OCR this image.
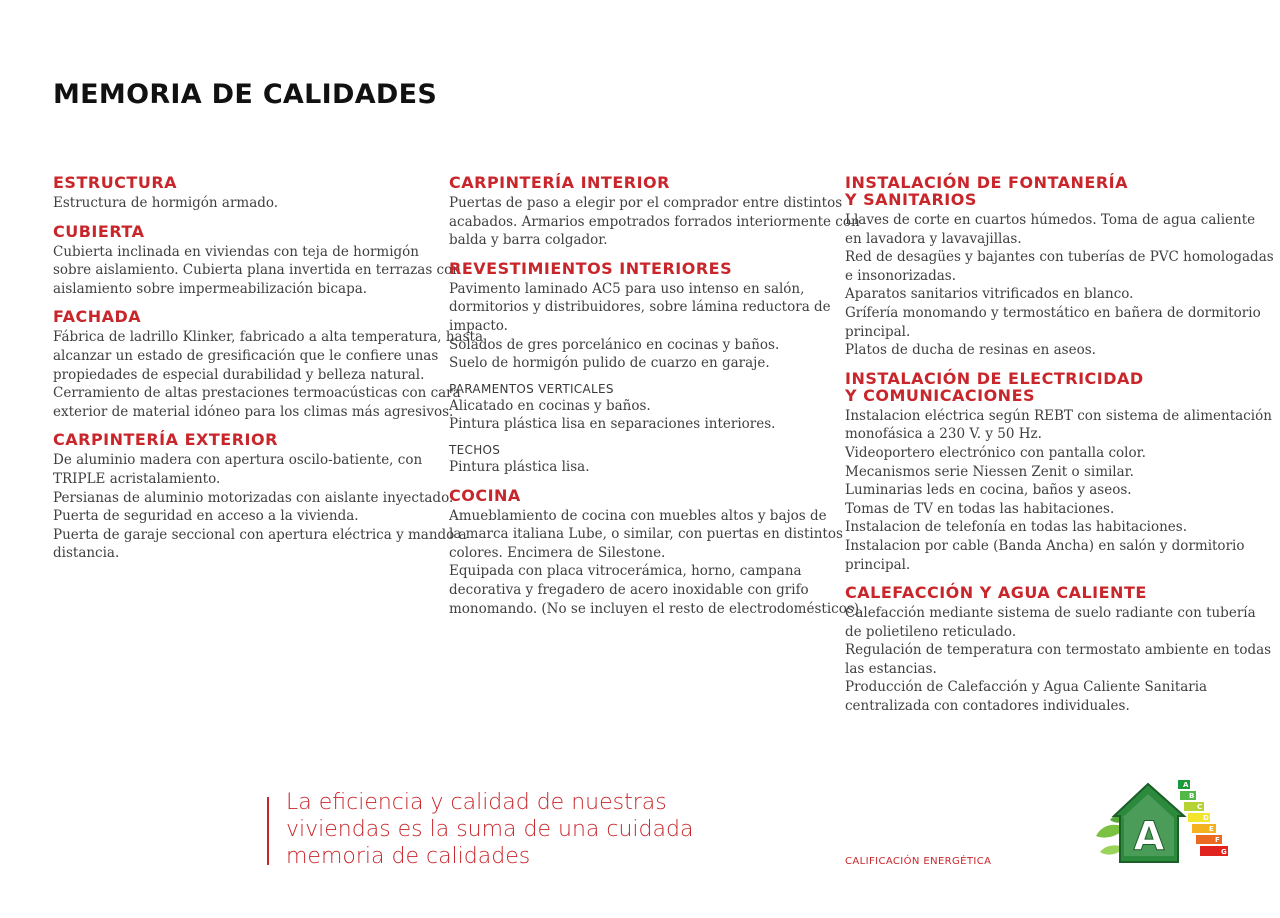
MEMORIA DE CALIDADES
ESTRUCTURA

Estructura de hormigón armado.

CUBIERTA

Cubierta inclinada en viviendas con teja de hormigón

sobre aislamiento. Cubierta plana invertida en terrazas con

aislamiento sobre impermeabilización bicapa.

FACHADA

Fábrica de ladrillo Klinker, fabricado a alta temperatura, hasta

alcanzar un estado de gresificación que le confiere unas

propiedades de especial durabilidad y belleza natural.

Cerramiento de altas prestaciones termoacústicas con cara

exterior de material idóneo para los climas más agresivos.

CARPINTERÍA EXTERIOR

De aluminio madera con apertura oscilo-batiente, con

TRIPLE acristalamiento.

Persianas de aluminio motorizadas con aislante inyectado.

Puerta de seguridad en acceso a la vivienda.

Puerta de garaje seccional con apertura eléctrica y mando a

distancia.

CARPINTERÍA INTERIOR

Puertas de paso a elegir por el comprador entre distintos

acabados. Armarios empotrados forrados interiormente con

balda y barra colgador.

REVESTIMIENTOS INTERIORES

Pavimento laminado AC5 para uso intenso en salón,

dormitorios y distribuidores, sobre lámina reductora de

impacto.

Solados de gres porcelánico en cocinas y baños.

Suelo de hormigón pulido de cuarzo en garaje.

PARAMENTOS VERTICALES

Alicatado en cocinas y baños.

Pintura plástica lisa en separaciones interiores.

TECHOS

Pintura plástica lisa.

COCINA

Amueblamiento de cocina con muebles altos y bajos de

la marca italiana Lube, o similar, con puertas en distintos

colores. Encimera de Silestone.

Equipada con placa vitrocerámica, horno, campana

decorativa y fregadero de acero inoxidable con grifo

monomando. (No se incluyen el resto de electrodomésticos).

INSTALACIÓN DE FONTANERÍA
Y SANITARIOS

Llaves de corte en cuartos húmedos. Toma de agua caliente

en lavadora y lavavajillas.

Red de desagües y bajantes con tuberías de PVC homologadas

e insonorizadas.

Aparatos sanitarios vitrificados en blanco.

Grífería monomando y termostático en bañera de dormitorio

principal.

Platos de ducha de resinas en aseos.

INSTALACIÓN DE ELECTRICIDAD
Y COMUNICACIONES

Instalacion eléctrica según REBT con sistema de alimentación

monofásica a 230 V. y 50 Hz.

Videoportero electrónico con pantalla color.

Mecanismos serie Niessen Zenit o similar.

Luminarias leds en cocina, baños y aseos.

Tomas de TV en todas las habitaciones.

Instalacion de telefonía en todas las habitaciones.

Instalacion por cable (Banda Ancha) en salón y dormitorio

principal.

CALEFACCIÓN Y AGUA CALIENTE

Calefacción mediante sistema de suelo radiante con tubería

de polietileno reticulado.

Regulación de temperatura con termostato ambiente en todas

las estancias.

Producción de Calefacción y Agua Caliente Sanitaria

centralizada con contadores individuales.

La eficiencia y calidad de nuestras
viviendas es la suma de una cuidada
memoria de calidades	CALIFICACIÓN ENERGÉTICA
A
B
C
D
E
F
G
A
